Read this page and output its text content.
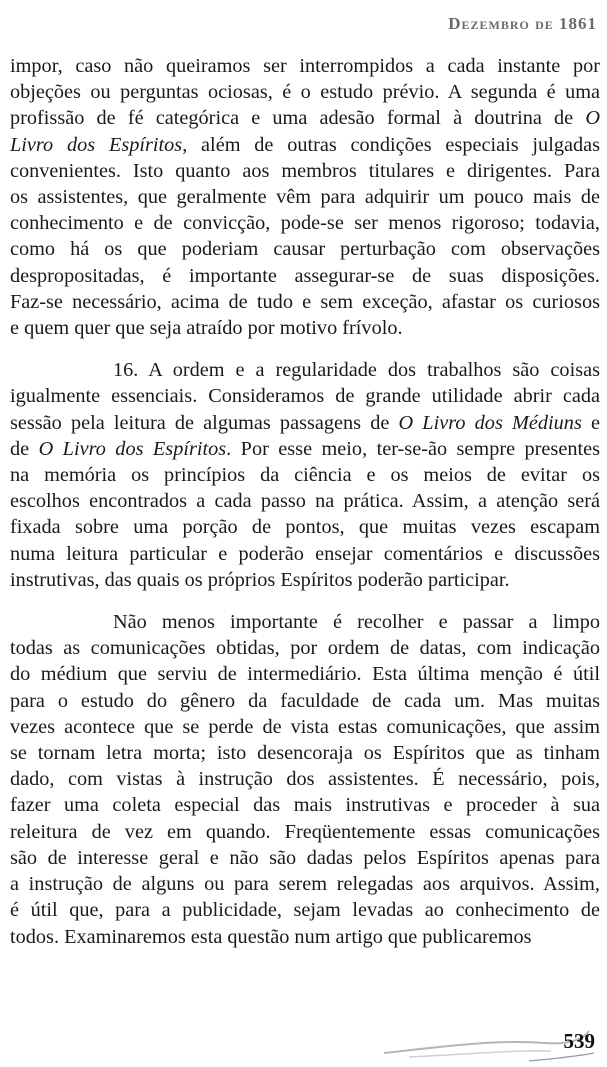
Dezembro de 1861

impor, caso não queiramos ser interrompidos a cada instante por
objeções ou perguntas ociosas, é o estudo prévio. A segunda é uma
profissão de fé categórica e uma adesão formal à doutrina de O
Livro dos Espíritos, além de outras condições especiais julgadas
convenientes. Isto quanto aos membros titulares e dirigentes. Para
os assistentes, que geralmente vêm para adquirir um pouco mais de
conhecimento e de convicção, pode-se ser menos rigoroso; todavia,
como há os que poderiam causar perturbação com observações
despropositadas, é importante assegurar-se de suas disposições.
Faz-se necessário, acima de tudo e sem exceção, afastar os curiosos
e quem quer que seja atraído por motivo frívolo.

16. A ordem e a regularidade dos trabalhos são coisas
igualmente essenciais. Consideramos de grande utilidade abrir cada
sessão pela leitura de algumas passagens de O Livro dos Médiuns e
de O Livro dos Espíritos. Por esse meio, ter-se-ão sempre presentes
na memória os princípios da ciência e os meios de evitar os
escolhos encontrados a cada passo na prática. Assim, a atenção será
fixada sobre uma porção de pontos, que muitas vezes escapam
numa leitura particular e poderão ensejar comentários e discussões
instrutivas, das quais os próprios Espíritos poderão participar.

Não menos importante é recolher e passar a limpo
todas as comunicações obtidas, por ordem de datas, com indicação
do médium que serviu de intermediário. Esta última menção é útil
para o estudo do gênero da faculdade de cada um. Mas muitas
vezes acontece que se perde de vista estas comunicações, que assim
se tornam letra morta; isto desencoraja os Espíritos que as tinham
dado, com vistas à instrução dos assistentes. É necessário, pois,
fazer uma coleta especial das mais instrutivas e proceder à sua
releitura de vez em quando. Freqüentemente essas comunicações
são de interesse geral e não são dadas pelos Espíritos apenas para
a instrução de alguns ou para serem relegadas aos arquivos. Assim,
é útil que, para a publicidade, sejam levadas ao conhecimento de
todos. Examinaremos esta questão num artigo que publicaremos

539
